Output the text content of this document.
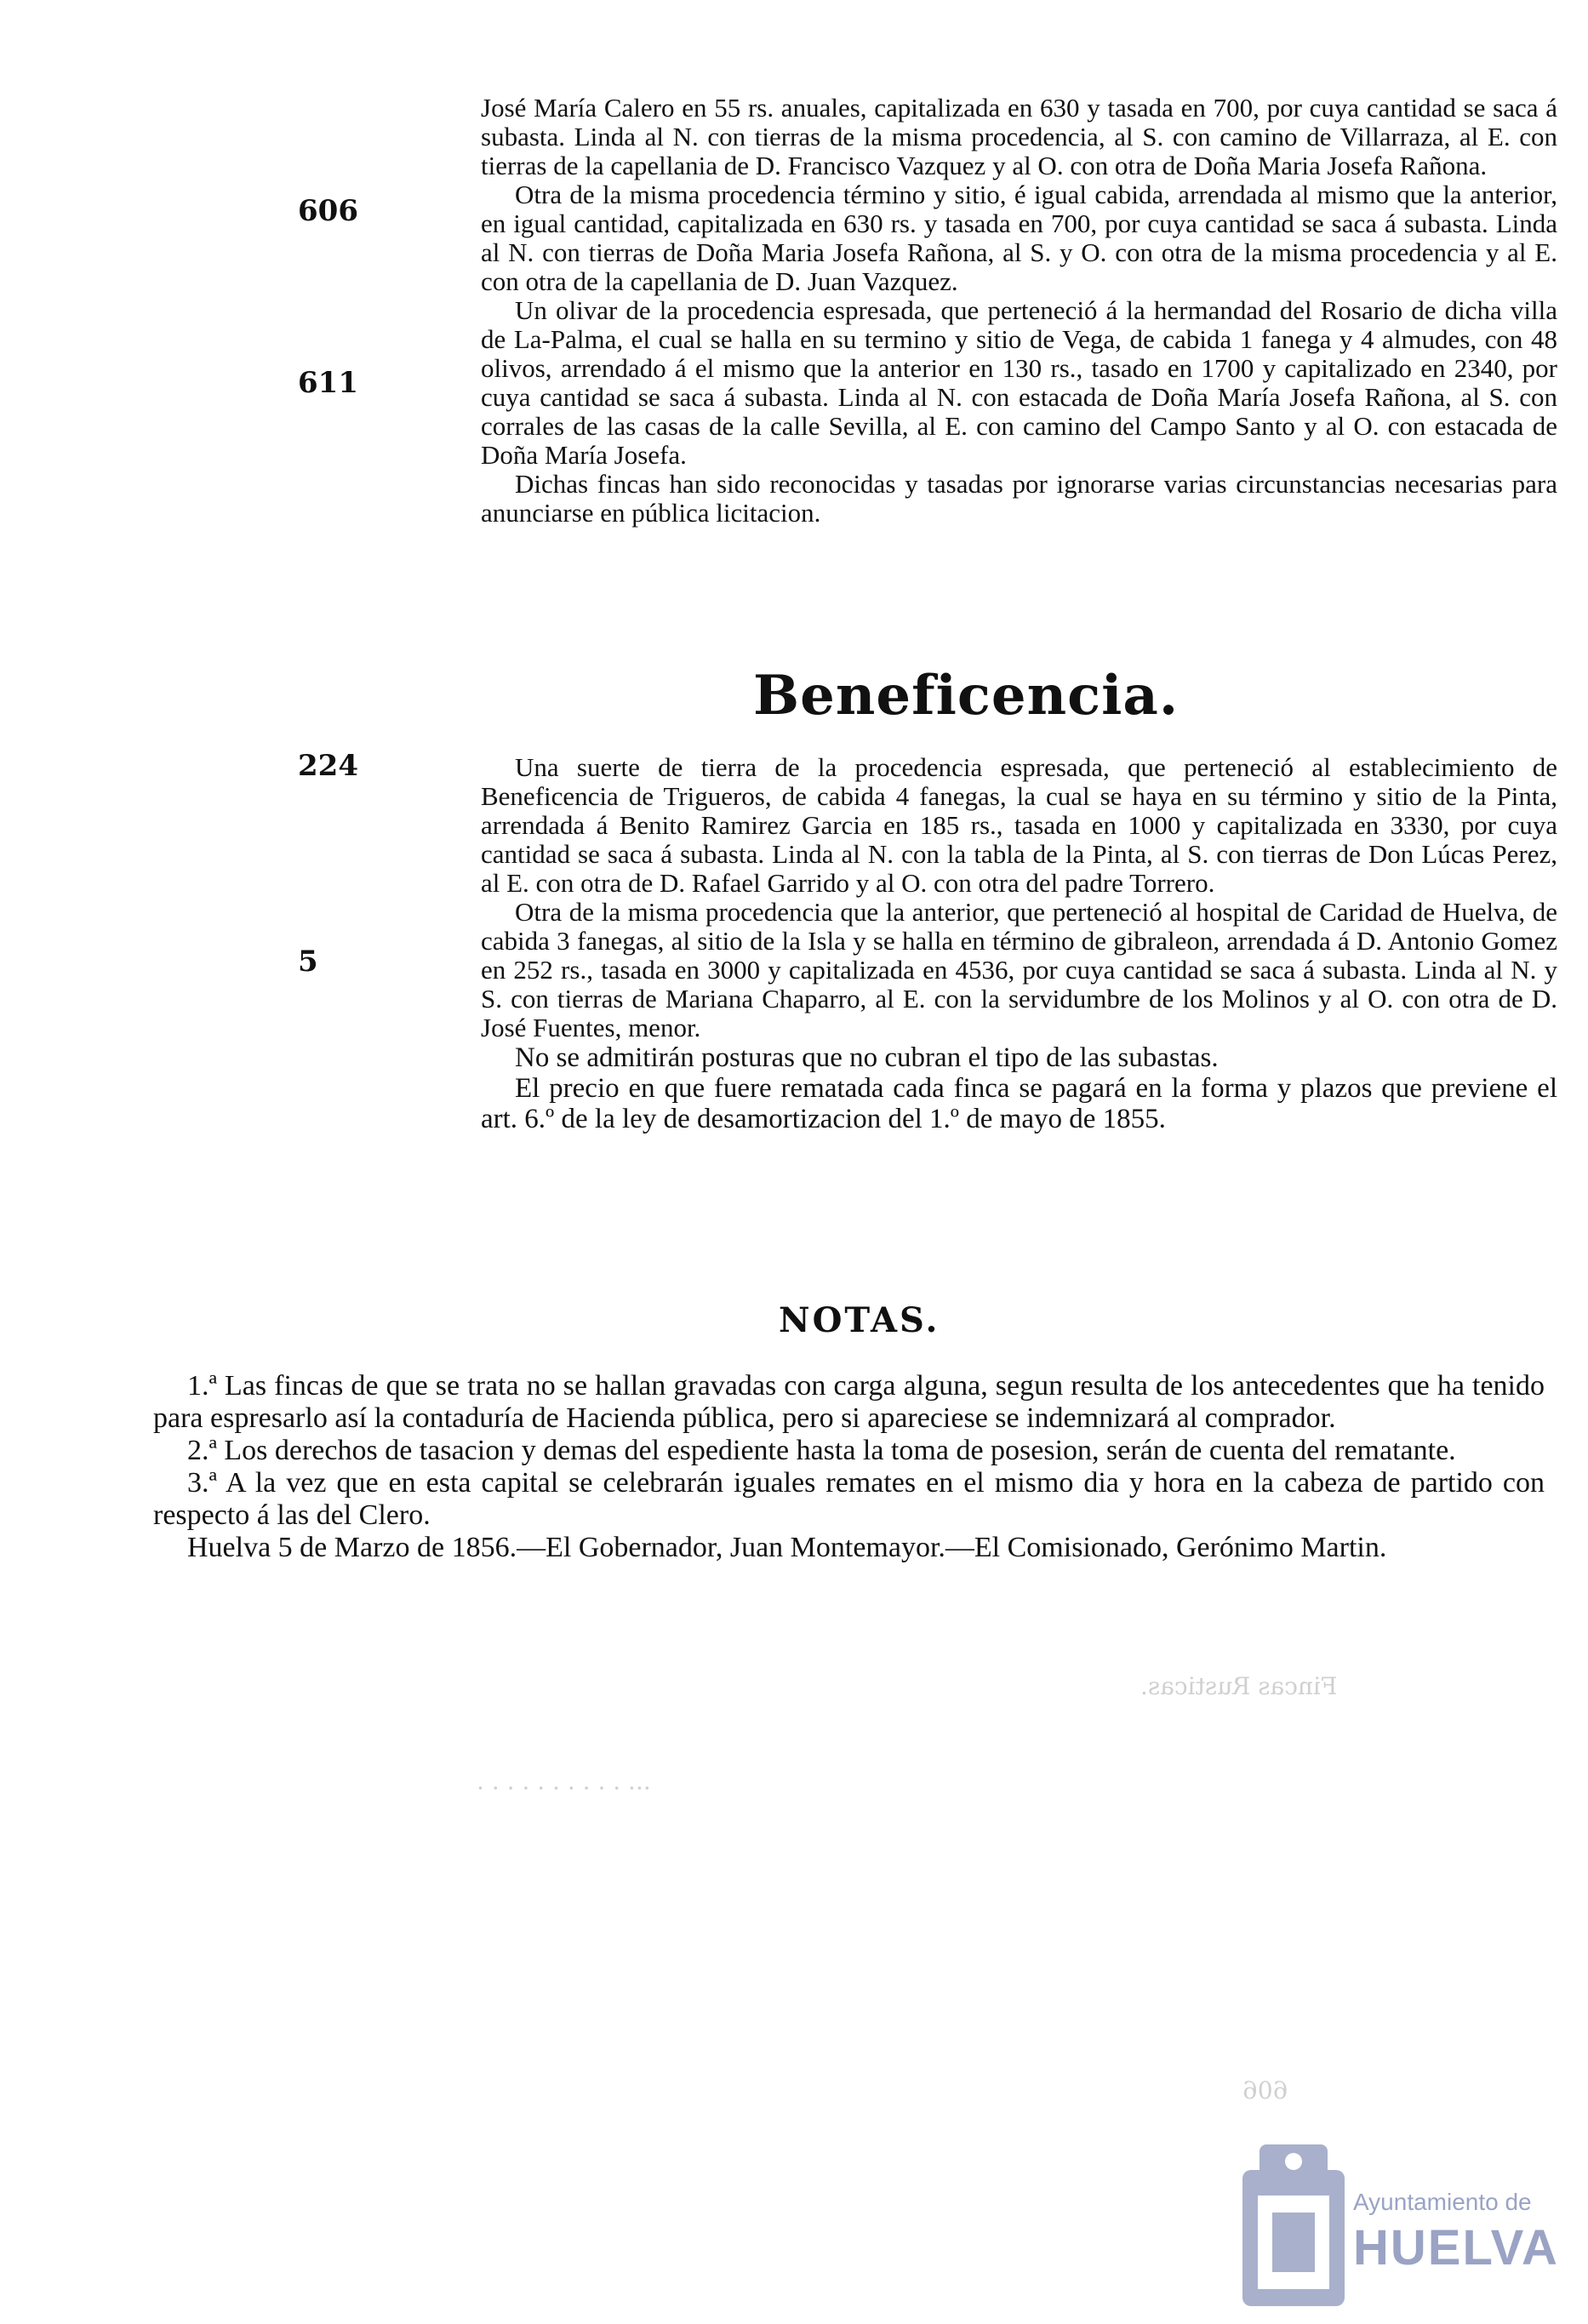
606
611
224
5

José María Calero en 55 rs. anuales, capitalizada en 630 y tasada en 700, por cuya cantidad se saca á subasta. Linda al N. con tierras de la misma procedencia, al S. con camino de Villarraza, al E. con tierras de la capellania de D. Francisco Vazquez y al O. con otra de Doña Maria Josefa Rañona.

Otra de la misma procedencia término y sitio, é igual cabida, arrendada al mismo que la anterior, en igual cantidad, capitalizada en 630 rs. y tasada en 700, por cuya cantidad se saca á subasta. Linda al N. con tierras de Doña Maria Josefa Rañona, al S. y O. con otra de la misma procedencia y al E. con otra de la capellania de D. Juan Vazquez.

Un olivar de la procedencia espresada, que perteneció á la hermandad del Rosario de dicha villa de La-Palma, el cual se halla en su termino y sitio de Vega, de cabida 1 fanega y 4 almudes, con 48 olivos, arrendado á el mismo que la anterior en 130 rs., tasado en 1700 y capitalizado en 2340, por cuya cantidad se saca á subasta. Linda al N. con estacada de Doña María Josefa Rañona, al S. con corrales de las casas de la calle Sevilla, al E. con camino del Campo Santo y al O. con estacada de Doña María Josefa.

Dichas fincas han sido reconocidas y tasadas por ignorarse varias circunstancias necesarias para anunciarse en pública licitacion.

Beneficencia.

Una suerte de tierra de la procedencia espresada, que perteneció al establecimiento de Beneficencia de Trigueros, de cabida 4 fanegas, la cual se haya en su término y sitio de la Pinta, arrendada á Benito Ramirez Garcia en 185 rs., tasada en 1000 y capitalizada en 3330, por cuya cantidad se saca á subasta. Linda al N. con la tabla de la Pinta, al S. con tierras de Don Lúcas Perez, al E. con otra de D. Rafael Garrido y al O. con otra del padre Torrero.

Otra de la misma procedencia que la anterior, que perteneció al hospital de Caridad de Huelva, de cabida 3 fanegas, al sitio de la Isla y se halla en término de gibraleon, arrendada á D. Antonio Gomez en 252 rs., tasada en 3000 y capitalizada en 4536, por cuya cantidad se saca á subasta. Linda al N. y S. con tierras de Mariana Chaparro, al E. con la servidumbre de los Molinos y al O. con otra de D. José Fuentes, menor.

No se admitirán posturas que no cubran el tipo de las subastas.

El precio en que fuere rematada cada finca se pagará en la forma y plazos que previene el art. 6.º de la ley de desamortizacion del 1.º de mayo de 1855.

NOTAS.

1.ª Las fincas de que se trata no se hallan gravadas con carga alguna, segun resulta de los antecedentes que ha tenido para espresarlo así la contaduría de Hacienda pública, pero si apareciese se indemnizará al comprador.

2.ª Los derechos de tasacion y demas del espediente hasta la toma de posesion, serán de cuenta del rematante.

3.ª A la vez que en esta capital se celebrarán iguales remates en el mismo dia y hora en la cabeza de partido con respecto á las del Clero.

Huelva 5 de Marzo de 1856.—El Gobernador, Juan Montemayor.—El Comisionado, Gerónimo Martin.

Fincas Rusticas.
··· · · · · · · · · · ·
606
Ayuntamiento de
HUELVA
